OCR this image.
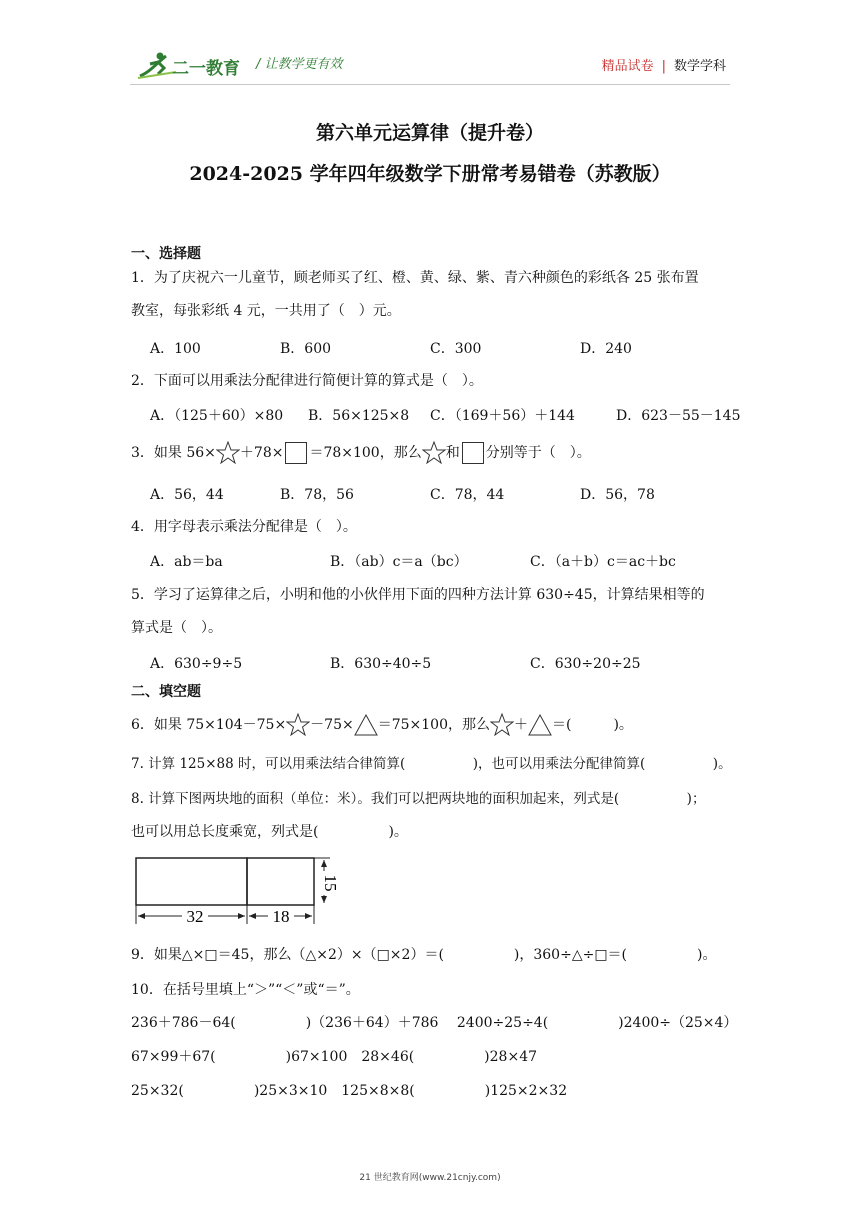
二一教育 / 让教学更有效	精品试卷 | 数学学科
第六单元运算律（提升卷）
2024-2025 学年四年级数学下册常考易错卷（苏教版）
一、选择题
1．为了庆祝六一儿童节，顾老师买了红、橙、黄、绿、紫、青六种颜色的彩纸各 25 张布置
教室，每张彩纸 4 元，一共用了（　）元。
A．100	B．600	C．300	D．240
2．下面可以用乘法分配律进行简便计算的算式是（　）。
A．（125＋60）×80 B．56×125×8 C．（169＋56）＋144	D．623－55－145
3．如果 56× ＋78× ＝78×100，那么 和 分别等于（　）。
A．56，44	B．78，56	C．78，44	D．56，78
4．用字母表示乘法分配律是（　）。
A．ab＝ba	B．（ab）c＝a（bc）	C．（a＋b）c＝ac＋bc
5．学习了运算律之后，小明和他的小伙伴用下面的四种方法计算 630÷45，计算结果相等的
算式是（　）。
A．630÷9÷5	B．630÷40÷5	C．630÷20÷25
二、填空题
6．如果 75×104－75× －75× ＝75×100，那么 ＋ ＝(　　　)。
7. 计算 125×88 时，可以用乘法结合律简算(　　　　　)，也可以用乘法分配律简算(　　　　　)。
8. 计算下图两块地的面积（单位：米）。我们可以把两块地的面积加起来，列式是(　　　　　)；
也可以用总长度乘宽，列式是(　　　　　)。
32	18
15
9．如果△×□＝45，那么（△×2）×（□×2）＝(　　　　　)，360÷△÷□＝(　　　　　)。
10．在括号里填上“＞”“＜”或“＝”。
236＋786－64(　　　　　)（236＋64）＋786　 2400÷25÷4(　　　　　)2400÷（25×4）
67×99＋67(　　　　　)67×100　28×46(　　　　　)28×47
25×32(　　　　　)25×3×10　125×8×8(　　　　　)125×2×32
21 世纪教育网(www.21cnjy.com)
